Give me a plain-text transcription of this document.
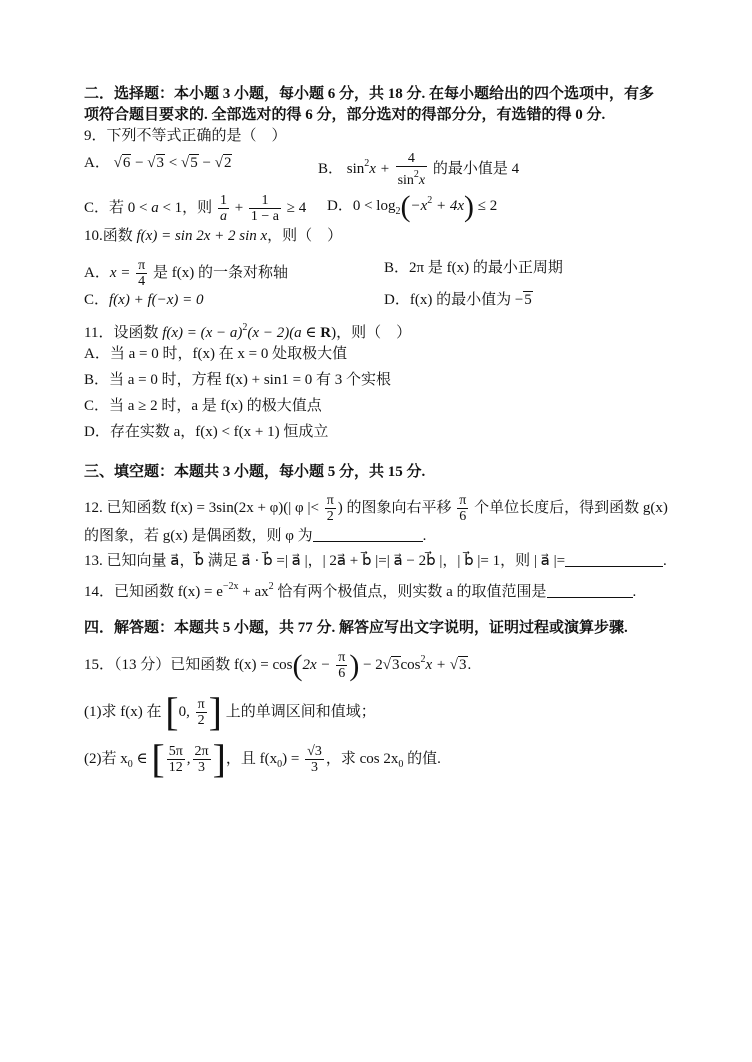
二．选择题：本小题 3 小题，每小题 6 分，共 18 分. 在每小题给出的四个选项中，有多
项符合题目要求的. 全部选对的得 6 分，部分选对的得部分分，有选错的得 0 分.
9．下列不等式正确的是（　）
A． √6 − √3 < √5 − √2	B． $\sin^2x + \frac{4}{\sin^2x}$ 的最小值是 4
C．若 0 < a < 1，则 $\frac{1}{a} + \frac{1}{1 - a} \ge 4$ D．$0 < \log_2(-x^2 + 4x) \le 2$
10.函数 f(x) = sin 2x + 2 sin x，则（　）
A．$x = \frac{\pi}{4}$ 是 f(x) 的一条对称轴	B．2π 是 f(x) 的最小正周期
C．f(x) + f(−x) = 0	D．f(x) 的最小值为 −5
11．设函数 $f(x) = (x - a)^2(x - 2)(a$ ∈ R)，则（　）
A．当 a = 0 时，f(x) 在 x = 0 处取极大值
B．当 a = 0 时，方程 f(x) + sin1 = 0 有 3 个实根
C．当 a ≥ 2 时，a 是 f(x) 的极大值点
D．存在实数 a，f(x) < f(x + 1) 恒成立
三、填空题：本题共 3 小题，每小题 5 分，共 15 分.
12. 已知函数 f(x) = 3sin(2x + φ)(| φ |< $\frac{\pi}{2}$ ) 的图象向右平移 $\frac{\pi}{6}$ 个单位长度后，得到函数 g(x)
的图象，若 g(x) 是偶函数，则 φ 为	.
13. 已知向量 a⃗，b⃗ 满足 a⃗ · b⃗ =| a⃗ |，| 2a⃗ + b⃗ |=| a⃗ − 2b⃗ |，| b⃗ |= 1，则 | a⃗ |=	.
14．已知函数 $f(x) = e^{-2x} + ax^2$ 恰有两个极值点，则实数 a 的取值范围是	.
四．解答题：本题共 5 小题，共 77 分. 解答应写出文字说明，证明过程或演算步骤.
15．（13 分）已知函数 $f(x) = \cos(2x - \frac{\pi}{6}$ ) − $2√3\cos^2x + √3$.
(1)求 f(x) 在 [0, $\frac{\pi}{2}$ ] 上的单调区间和值域；
(2)若 $x_0$ ∈ [ $\frac{5\pi}{12}$ , $\frac{2\pi}{3}$ ]，且 $f(x_0) = \frac{√3}{3}$ ，求 $\cos 2x_0$ 的值.
